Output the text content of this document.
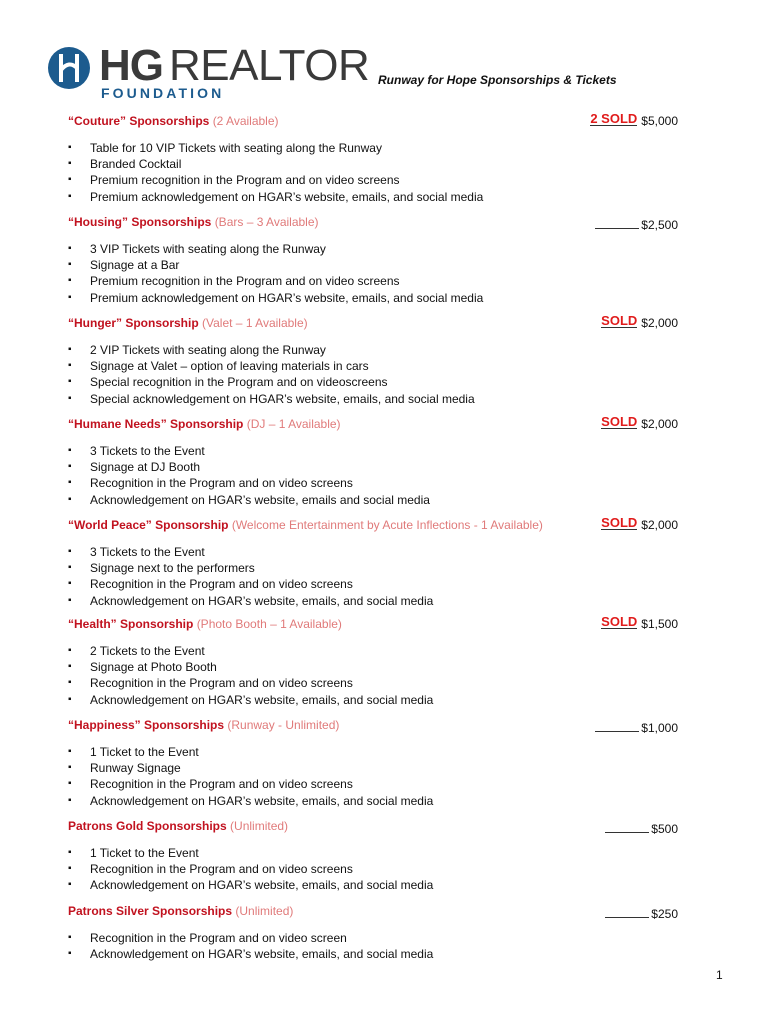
HG REALTOR
FOUNDATION
Runway for Hope Sponsorships & Tickets
“Couture” Sponsorships (2 Available)	2 SOLD $5,000
▪ Table for 10 VIP Tickets with seating along the Runway
▪ Branded Cocktail
▪ Premium recognition in the Program and on video screens
▪ Premium acknowledgement on HGAR’s website, emails, and social media
“Housing” Sponsorships (Bars – 3 Available)	$2,500
▪ 3 VIP Tickets with seating along the Runway
▪ Signage at a Bar
▪ Premium recognition in the Program and on video screens
▪ Premium acknowledgement on HGAR’s website, emails, and social media
“Hunger” Sponsorship (Valet – 1 Available)	SOLD $2,000
▪ 2 VIP Tickets with seating along the Runway
▪ Signage at Valet – option of leaving materials in cars
▪ Special recognition in the Program and on videoscreens
▪ Special acknowledgement on HGAR’s website, emails, and social media
“Humane Needs” Sponsorship (DJ – 1 Available)	SOLD $2,000
▪ 3 Tickets to the Event
▪ Signage at DJ Booth
▪ Recognition in the Program and on video screens
▪ Acknowledgement on HGAR’s website, emails and social media
“World Peace” Sponsorship (Welcome Entertainment by Acute Inflections - 1 Available)	SOLD $2,000
▪ 3 Tickets to the Event
▪ Signage next to the performers
▪ Recognition in the Program and on video screens
▪ Acknowledgement on HGAR’s website, emails, and social media
“Health” Sponsorship (Photo Booth – 1 Available)	SOLD $1,500
▪ 2 Tickets to the Event
▪ Signage at Photo Booth
▪ Recognition in the Program and on video screens
▪ Acknowledgement on HGAR’s website, emails, and social media
“Happiness” Sponsorships (Runway - Unlimited)	$1,000
▪ 1 Ticket to the Event
▪ Runway Signage
▪ Recognition in the Program and on video screens
▪ Acknowledgement on HGAR’s website, emails, and social media
Patrons Gold Sponsorships (Unlimited)	$500
▪ 1 Ticket to the Event
▪ Recognition in the Program and on video screens
▪ Acknowledgement on HGAR’s website, emails, and social media
Patrons Silver Sponsorships (Unlimited)	$250
▪ Recognition in the Program and on video screen
▪ Acknowledgement on HGAR’s website, emails, and social media
1
